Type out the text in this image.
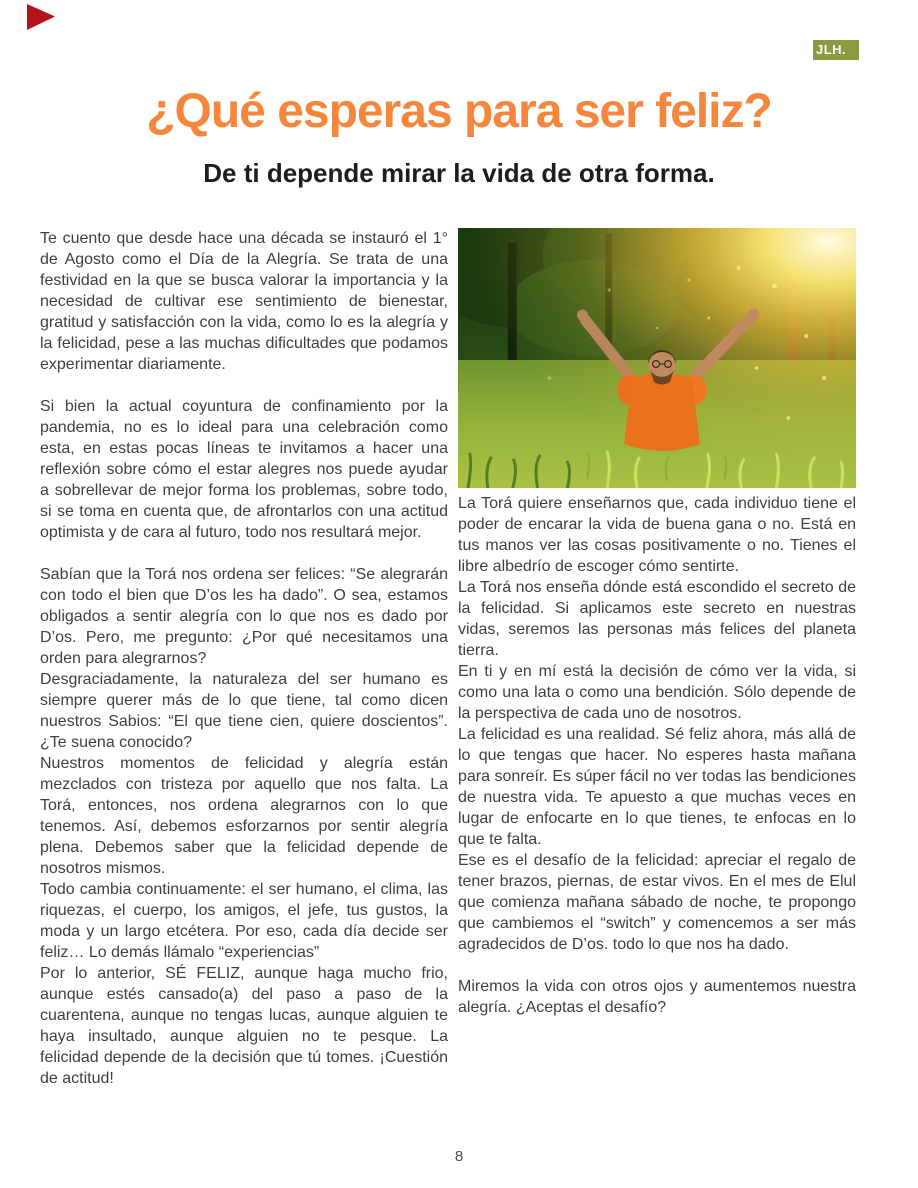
JLH.
¿Qué esperas para ser feliz?
De ti depende mirar la vida de otra forma.

Te cuento que desde hace una década se instauró el 1° de Agosto como el Día de la Alegría. Se trata de una festividad en la que se busca valorar la importancia y la necesidad de cultivar ese sentimiento de bienestar, gratitud y satisfacción con la vida, como lo es la alegría y la felicidad, pese a las muchas dificultades que podamos experimentar diariamente.

Si bien la actual coyuntura de confinamiento por la pandemia, no es lo ideal para una celebración como esta, en estas pocas líneas te invitamos a hacer una reflexión sobre cómo el estar alegres nos puede ayudar a sobrellevar de mejor forma los problemas, sobre todo, si se toma en cuenta que, de afrontarlos con una actitud optimista y de cara al futuro, todo nos resultará mejor.

Sabían que la Torá nos ordena ser felices: “Se alegrarán con todo el bien que D’os les ha dado”. O sea, estamos obligados a sentir alegría con lo que nos es dado por D’os. Pero, me pregunto: ¿Por qué necesitamos una orden para alegrarnos?

Desgraciadamente, la naturaleza del ser humano es siempre querer más de lo que tiene, tal como dicen nuestros Sabios: “El que tiene cien, quiere doscientos”. ¿Te suena conocido?

Nuestros momentos de felicidad y alegría están mezclados con tristeza por aquello que nos falta. La Torá, entonces, nos ordena alegrarnos con lo que tenemos. Así, debemos esforzarnos por sentir alegría plena. Debemos saber que la felicidad depende de nosotros mismos.

Todo cambia continuamente: el ser humano, el clima, las riquezas, el cuerpo, los amigos, el jefe, tus gustos, la moda y un largo etcétera. Por eso, cada día decide ser feliz… Lo demás llámalo “experiencias”

Por lo anterior, SÉ FELIZ, aunque haga mucho frio, aunque estés cansado(a) del paso a paso de la cuarentena, aunque no tengas lucas, aunque alguien te haya insultado, aunque alguien no te pesque. La felicidad depende de la decisión que tú tomes. ¡Cuestión de actitud!

La Torá quiere enseñarnos que, cada individuo tiene el poder de encarar la vida de buena gana o no. Está en tus manos ver las cosas positivamente o no. Tienes el libre albedrío de escoger cómo sentirte.

La Torá nos enseña dónde está escondido el secreto de la felicidad. Si aplicamos este secreto en nuestras vidas, seremos las personas más felices del planeta tierra.

En ti y en mí está la decisión de cómo ver la vida, si como una lata o como una bendición. Sólo depende de la perspectiva de cada uno de nosotros.

La felicidad es una realidad. Sé feliz ahora, más allá de lo que tengas que hacer. No esperes hasta mañana para sonreír. Es súper fácil no ver todas las bendiciones de nuestra vida. Te apuesto a que muchas veces en lugar de enfocarte en lo que tienes, te enfocas en lo que te falta.

Ese es el desafío de la felicidad: apreciar el regalo de tener brazos, piernas, de estar vivos. En el mes de Elul que comienza mañana sábado de noche, te propongo que cambiemos el “switch” y comencemos a ser más agradecidos de D’os. todo lo que nos ha dado.

Miremos la vida con otros ojos y aumentemos nuestra alegría. ¿Aceptas el desafío?

8
